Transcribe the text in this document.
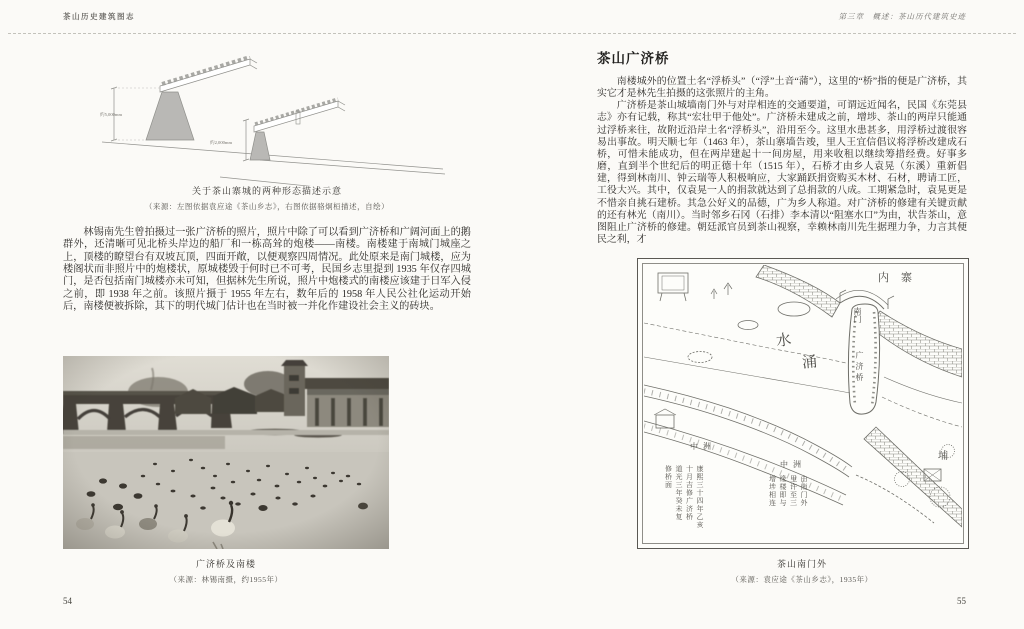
茶山历史建筑图志	第三章　概述：茶山历代建筑史迹
约5,000mm
约2,000mm
关于茶山寨城的两种形态描述示意
（来源：左图依据袁应途《茶山乡志》，右图依据骆炯桓描述，自绘）

林锡南先生曾拍摄过一张广济桥的照片，照片中除了可以看到广济桥和广阔河面上的鹅群外，还清晰可见北桥头岸边的船厂和一栋高耸的炮楼——南楼。南楼建于南城门城座之上，顶楼的瞭望台有双坡瓦顶，四面开敞，以便观察四周情况。此处原来是南门城楼，应为楼阁状而非照片中的炮楼状，原城楼毁于何时已不可考，民国乡志里提到 1935 年仅存四城门，是否包括南门城楼亦未可知，但据林先生所说，照片中炮楼式的南楼应该建于日军入侵之前，即 1938 年之前。该照片摄于 1955 年左右，数年后的 1958 年人民公社化运动开始后，南楼便被拆除，其下的明代城门估计也在当时被一并化作建设社会主义的砖块。

广济桥及南楼
（来源：林锡南摄，约1955年）
54
茶山广济桥

南楼城外的位置土名“浮桥头”（“浮”土音“蒲”），这里的“桥”指的便是广济桥，其实它才是林先生拍摄的这张照片的主角。

广济桥是茶山城墙南门外与对岸相连的交通要道，可谓远近闻名，民国《东莞县志》亦有记载，称其“宏壮甲于他处”。广济桥未建成之前，增埗、茶山的两岸只能通过浮桥来往，故附近沿岸土名“浮桥头”，沿用至今。这里水患甚多，用浮桥过渡很容易出事故。明天顺七年（1463 年），茶山寨墙告竣，里人王宜信倡议将浮桥改建成石桥，可惜未能成功，但在两岸建起十一间房屋，用来收租以继续筹措经费。好事多磨，直到半个世纪后的明正德十年（1515 年），石桥才由乡人袁晃（东溪）重新倡建，得到林南川、钟云瑞等人积极响应，大家踊跃捐资购买木材、石材，聘请工匠，工役大兴。其中，仅袁晃一人的捐款就达到了总捐款的八成。工期紧急时，袁晃更是不惜亲自挑石建桥。其急公好义的品德，广为乡人称道。对广济桥的修建有关键贡献的还有林光（南川）。当时邻乡石冈（石排）李本清以“阻塞水口”为由，状告茶山，意图阻止广济桥的修建。朝廷派官员到茶山视察，幸赖林南川先生据理力争，力言其便民之利，才

内寨
南门
广济桥
水
涌
中洲
中洲
埔
康熙三十四年乙亥
十月吉修广济桥
道光三年癸未复
修桥面	由南门外
里许至三
缘楼即与
增埗相连
茶山南门外
（来源：袁应途《茶山乡志》，1935年）
55
